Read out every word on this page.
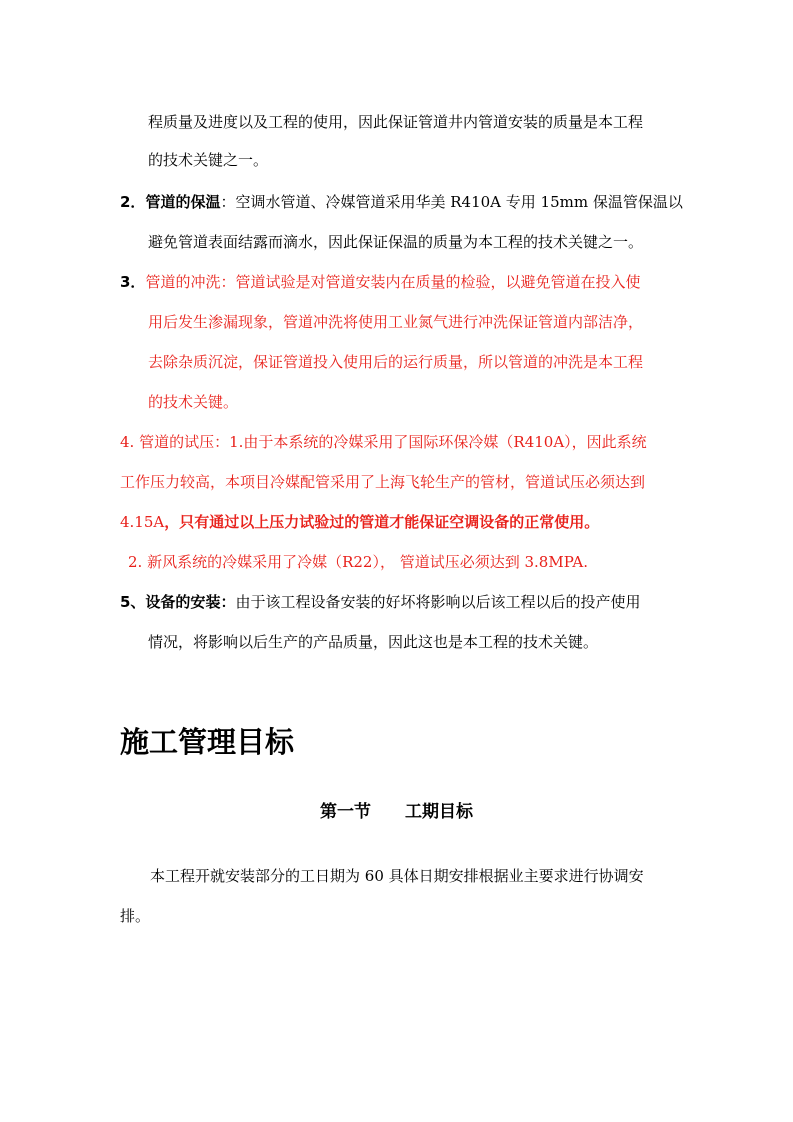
程质量及进度以及工程的使用，因此保证管道井内管道安装的质量是本工程
的技术关键之一。
2．管道的保温：空调水管道、冷媒管道采用华美 R410A 专用 15mm 保温管保温以
避免管道表面结露而滴水，因此保证保温的质量为本工程的技术关键之一。
3．管道的冲洗：管道试验是对管道安装内在质量的检验，以避免管道在投入使
用后发生渗漏现象，管道冲洗将使用工业氮气进行冲洗保证管道内部洁净，
去除杂质沉淀，保证管道投入使用后的运行质量，所以管道的冲洗是本工程
的技术关键。
4. 管道的试压：1.由于本系统的冷媒采用了国际环保冷媒（R410A），因此系统
工作压力较高，本项目冷媒配管采用了上海飞轮生产的管材，管道试压必须达到
4.15A，只有通过以上压力试验过的管道才能保证空调设备的正常使用。
2. 新风系统的冷媒采用了冷媒（R22）， 管道试压必须达到 3.8MPA.
5、设备的安装：由于该工程设备安装的好坏将影响以后该工程以后的投产使用
情况，将影响以后生产的产品质量，因此这也是本工程的技术关键。
施工管理目标
第一节 工期目标
本工程开就安装部分的工日期为 60 具体日期安排根据业主要求进行协调安
排。
